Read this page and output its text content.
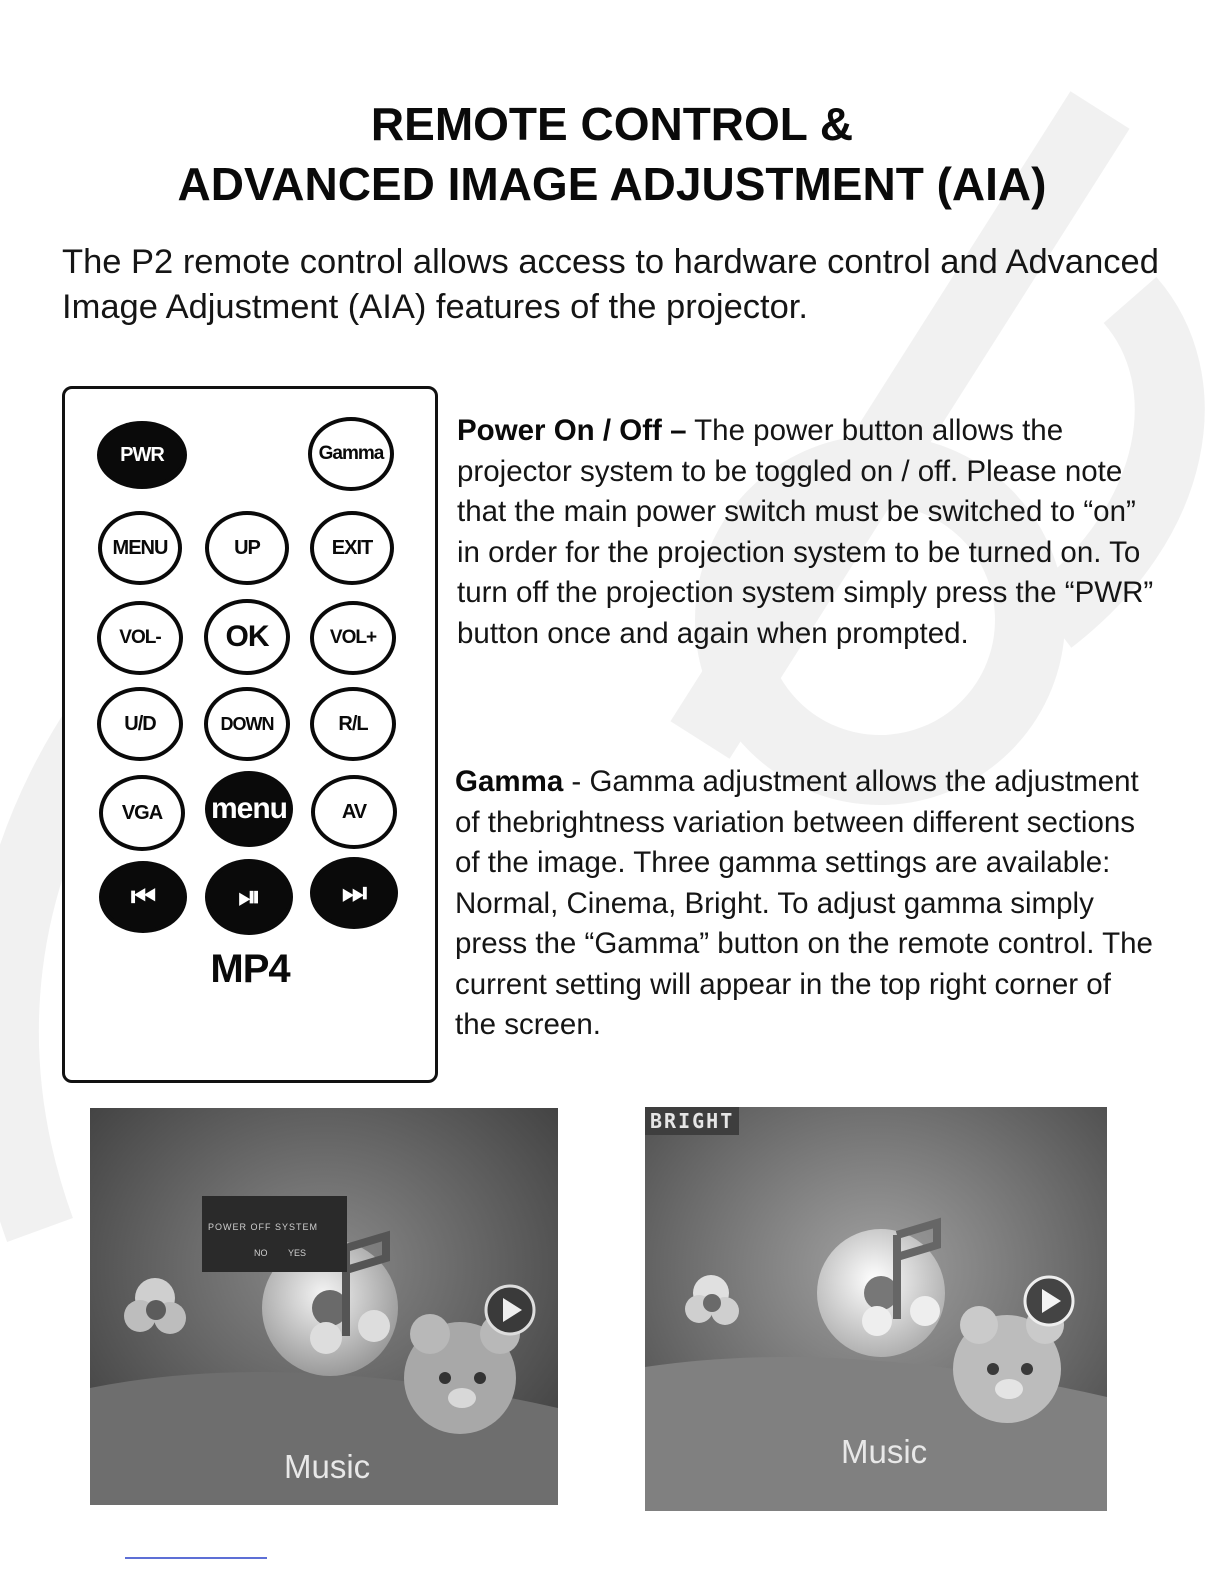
REMOTE CONTROL &
ADVANCED IMAGE ADJUSTMENT (AIA)

The P2 remote control allows access to hardware control and Advanced Image Adjustment (AIA) features of the projector.

PWR	Gamma
MENU	UP	EXIT
VOL-	OK	VOL+
U/D	DOWN	R/L
VGA	menu	AV
⏮	⏯	⏭
MP4

Power On / Off – The power button allows the projector system to be toggled on / off. Please note that the main power switch must be switched to “on” in order for the projection system to be turned on. To turn off the projection system simply press the “PWR” button once and again when prompted.

Gamma - Gamma adjustment allows the adjustment of thebrightness variation between different sections of the image. Three gamma settings are available: Normal, Cinema, Bright. To adjust gamma simply press the “Gamma” button on the remote control. The current setting will appear in the top right corner of the screen.

POWER OFF SYSTEM
NO YES
Music
BRIGHT
Music
